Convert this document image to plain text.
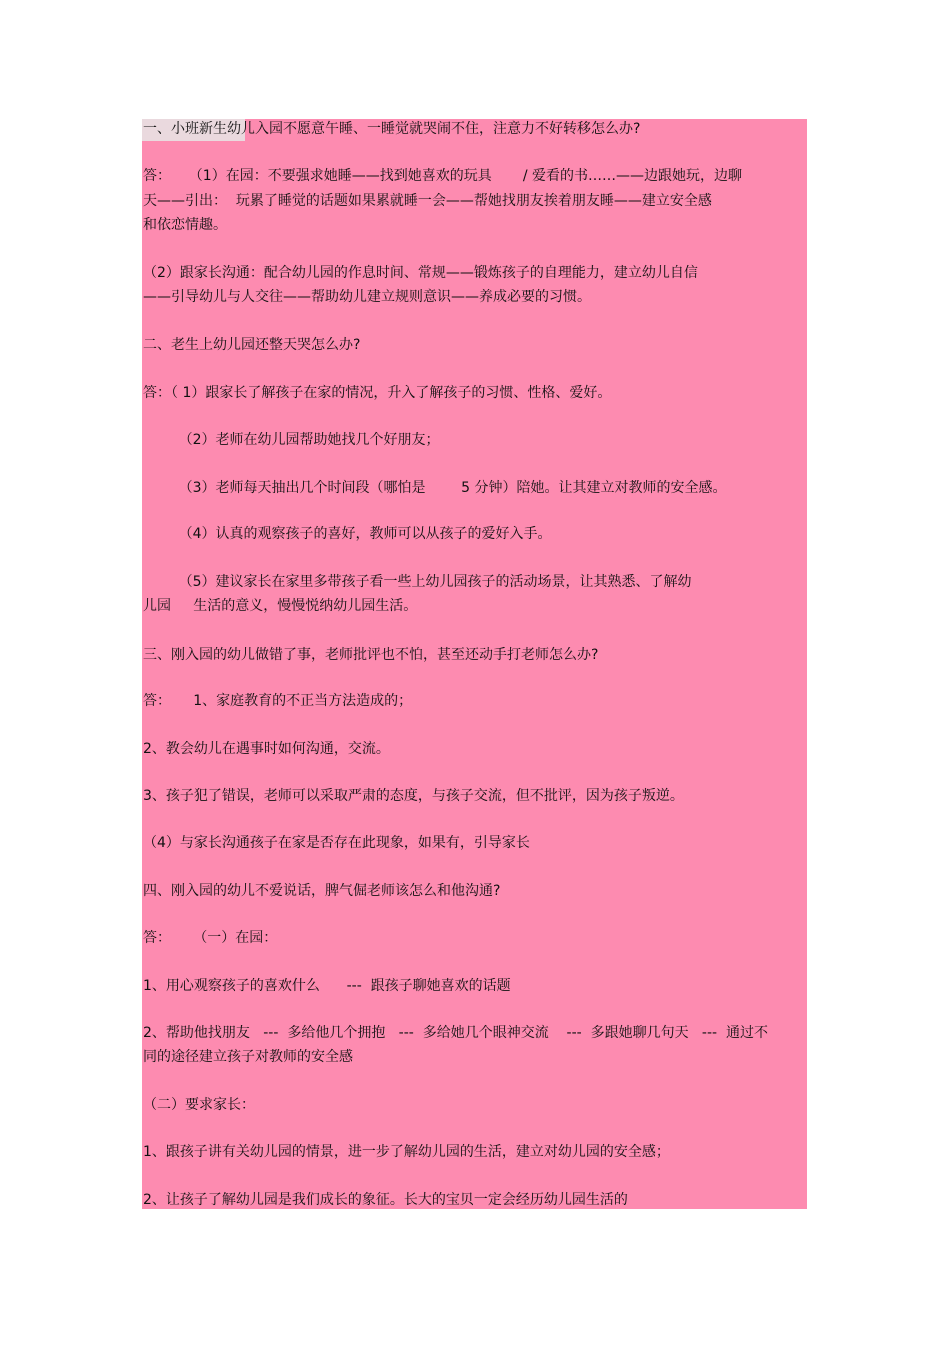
一、小班新生幼儿入园不愿意午睡、一睡觉就哭闹不住，注意力不好转移怎么办?
答：    （1）在园：不要强求她睡——找到她喜欢的玩具       / 爱看的书……——边跟她玩，边聊
天——引出：  玩累了睡觉的话题如果累就睡一会——帮她找朋友挨着朋友睡——建立安全感
和依恋情趣。
（2）跟家长沟通：配合幼儿园的作息时间、常规——锻炼孩子的自理能力，建立幼儿自信
——引导幼儿与人交往——帮助幼儿建立规则意识——养成必要的习惯。
二、老生上幼儿园还整天哭怎么办?
答：（ 1）跟家长了解孩子在家的情况，升入了解孩子的习惯、性格、爱好。
（2）老师在幼儿园帮助她找几个好朋友；
（3）老师每天抽出几个时间段（哪怕是        5 分钟）陪她。让其建立对教师的安全感。
（4）认真的观察孩子的喜好，教师可以从孩子的爱好入手。
（5）建议家长在家里多带孩子看一些上幼儿园孩子的活动场景，让其熟悉、了解幼
儿园     生活的意义，慢慢悦纳幼儿园生活。
三、刚入园的幼儿做错了事，老师批评也不怕，甚至还动手打老师怎么办?
答：     1、家庭教育的不正当方法造成的；
2、教会幼儿在遇事时如何沟通，交流。
3、孩子犯了错误，老师可以采取严肃的态度，与孩子交流，但不批评，因为孩子叛逆。
（4）与家长沟通孩子在家是否存在此现象，如果有，引导家长
四、刚入园的幼儿不爱说话，脾气倔老师该怎么和他沟通?
答：     （一）在园：
1、用心观察孩子的喜欢什么      ---  跟孩子聊她喜欢的话题
2、帮助他找朋友   ---  多给他几个拥抱   ---  多给她几个眼神交流    ---  多跟她聊几句天   ---  通过不
同的途径建立孩子对教师的安全感
（二）要求家长：
1、跟孩子讲有关幼儿园的情景，进一步了解幼儿园的生活，建立对幼儿园的安全感；
2、让孩子了解幼儿园是我们成长的象征。长大的宝贝一定会经历幼儿园生活的
